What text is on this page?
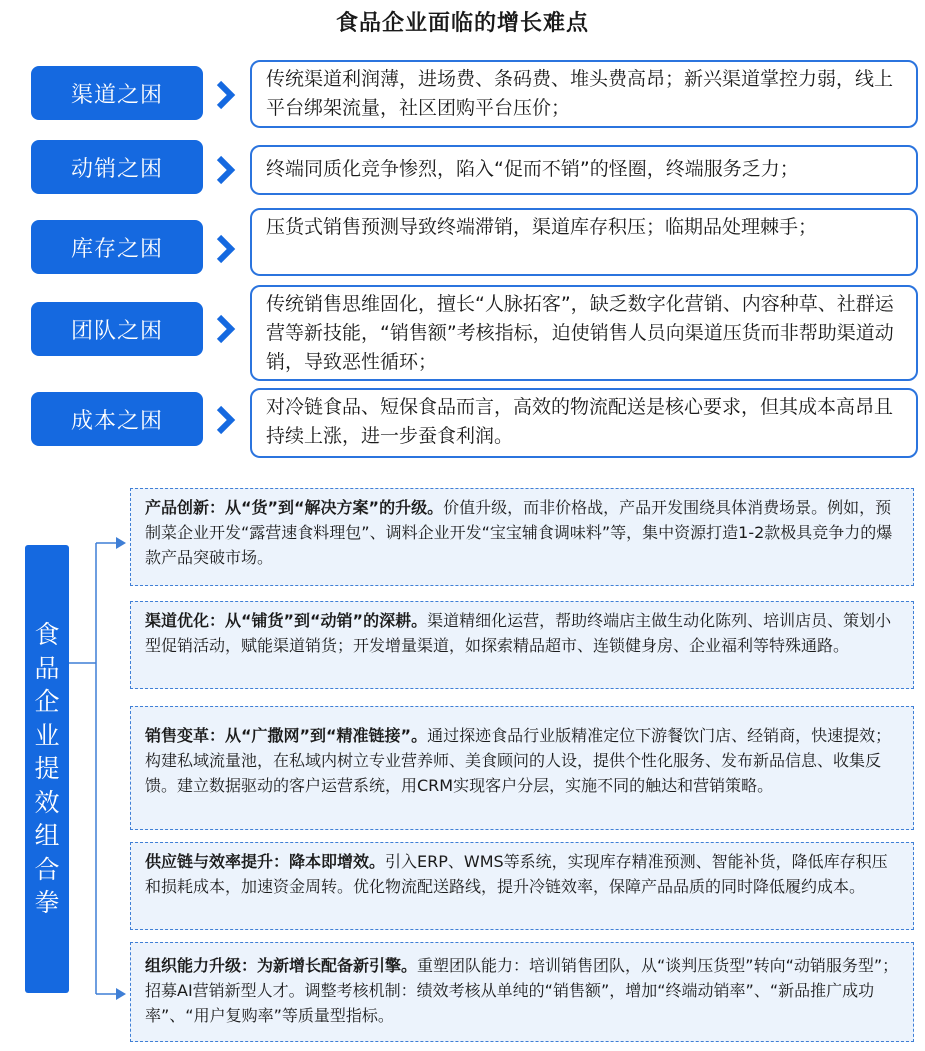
食品企业面临的增长难点
渠道之困
传统渠道利润薄，进场费、条码费、堆头费高昂；新兴渠道掌控力弱，线上平台绑架流量，社区团购平台压价；
动销之困	终端同质化竞争惨烈，陷入“促而不销”的怪圈，终端服务乏力；
库存之困
压货式销售预测导致终端滞销，渠道库存积压；临期品处理棘手；
团队之困
传统销售思维固化，擅长“人脉拓客”，缺乏数字化营销、内容种草、社群运营等新技能，“销售额”考核指标，迫使销售人员向渠道压货而非帮助渠道动销，导致恶性循环；
成本之困
对冷链食品、短保食品而言，高效的物流配送是核心要求，但其成本高昂且持续上涨，进一步蚕食利润。
食
品
企
业
提
效
组
合
拳
产品创新：从“货”到“解决方案”的升级。价值升级，而非价格战，产品开发围绕具体消费场景。例如，预制菜企业开发“露营速食料理包”、调料企业开发“宝宝辅食调味料”等，集中资源打造1-2款极具竞争力的爆款产品突破市场。
渠道优化：从“铺货”到“动销”的深耕。渠道精细化运营，帮助终端店主做生动化陈列、培训店员、策划小型促销活动，赋能渠道销货；开发增量渠道，如探索精品超市、连锁健身房、企业福利等特殊通路。
销售变革：从“广撒网”到“精准链接”。通过探迹食品行业版精准定位下游餐饮门店、经销商，快速提效；构建私域流量池，在私域内树立专业营养师、美食顾问的人设，提供个性化服务、发布新品信息、收集反馈。建立数据驱动的客户运营系统，用CRM实现客户分层，实施不同的触达和营销策略。
供应链与效率提升：降本即增效。引入ERP、WMS等系统，实现库存精准预测、智能补货，降低库存积压和损耗成本，加速资金周转。优化物流配送路线，提升冷链效率，保障产品品质的同时降低履约成本。
组织能力升级：为新增长配备新引擎。重塑团队能力：培训销售团队，从“谈判压货型”转向“动销服务型”；招募AI营销新型人才。调整考核机制：绩效考核从单纯的“销售额”，增加“终端动销率”、“新品推广成功率”、“用户复购率”等质量型指标。
